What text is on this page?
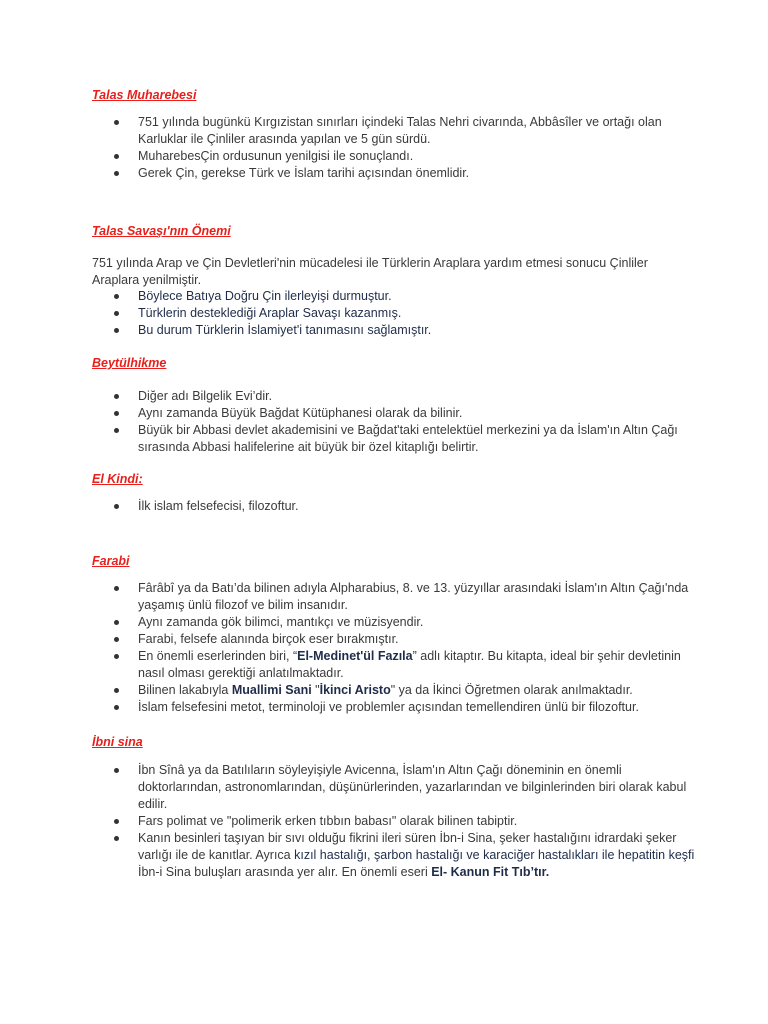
Talas Muharebesi
751 yılında bugünkü Kırgızistan sınırları içindeki Talas Nehri civarında, Abbâsîler ve ortağı olan Karluklar ile Çinliler arasında yapılan ve 5 gün sürdü.
MuharebesÇin ordusunun yenilgisi ile sonuçlandı.
Gerek Çin, gerekse Türk ve İslam tarihi açısından önemlidir.
Talas Savaşı'nın Önemi

751 yılında Arap ve Çin Devletleri'nin mücadelesi ile Türklerin Araplara yardım etmesi sonucu Çinliler Araplara yenilmiştir.

Böylece Batıya Doğru Çin ilerleyişi durmuştur.
Türklerin desteklediği Araplar Savaşı kazanmış.
Bu durum Türklerin İslamiyet'i tanımasını sağlamıştır.
Beytülhikme
Diğer adı Bilgelik Evi’dir.
Aynı zamanda Büyük Bağdat Kütüphanesi olarak da bilinir.
Büyük bir Abbasi devlet akademisini ve Bağdat'taki entelektüel merkezini ya da İslam'ın Altın Çağı sırasında Abbasi halifelerine ait büyük bir özel kitaplığı belirtir.
El Kindi:
İlk islam felsefecisi, filozoftur.
Farabi
Fârâbî ya da Batı’da bilinen adıyla Alpharabius, 8. ve 13. yüzyıllar arasındaki İslam'ın Altın Çağı'nda yaşamış ünlü filozof ve bilim insanıdır.
Aynı zamanda gök bilimci, mantıkçı ve müzisyendir.
Farabi, felsefe alanında birçok eser bırakmıştır.
En önemli eserlerinden biri, “El-Medinet'ül Fazıla” adlı kitaptır. Bu kitapta, ideal bir şehir devletinin nasıl olması gerektiği anlatılmaktadır.
Bilinen lakabıyla Muallimi Sani "İkinci Aristo" ya da İkinci Öğretmen olarak anılmaktadır.
İslam felsefesini metot, terminoloji ve problemler açısından temellendiren ünlü bir filozoftur.
İbni sina
İbn Sînâ ya da Batılıların söyleyişiyle Avicenna, İslam'ın Altın Çağı döneminin en önemli doktorlarından, astronomlarından, düşünürlerinden, yazarlarından ve bilginlerinden biri olarak kabul edilir.
Fars polimat ve "polimerik erken tıbbın babası" olarak bilinen tabiptir.
Kanın besinleri taşıyan bir sıvı olduğu fikrini ileri süren İbn-i Sina, şeker hastalığını idrardaki şeker varlığı ile de kanıtlar. Ayrıca kızıl hastalığı, şarbon hastalığı ve karaciğer hastalıkları ile hepatitin keşfi İbn-i Sina buluşları arasında yer alır. En önemli eseri El- Kanun Fit Tıb’tır.
